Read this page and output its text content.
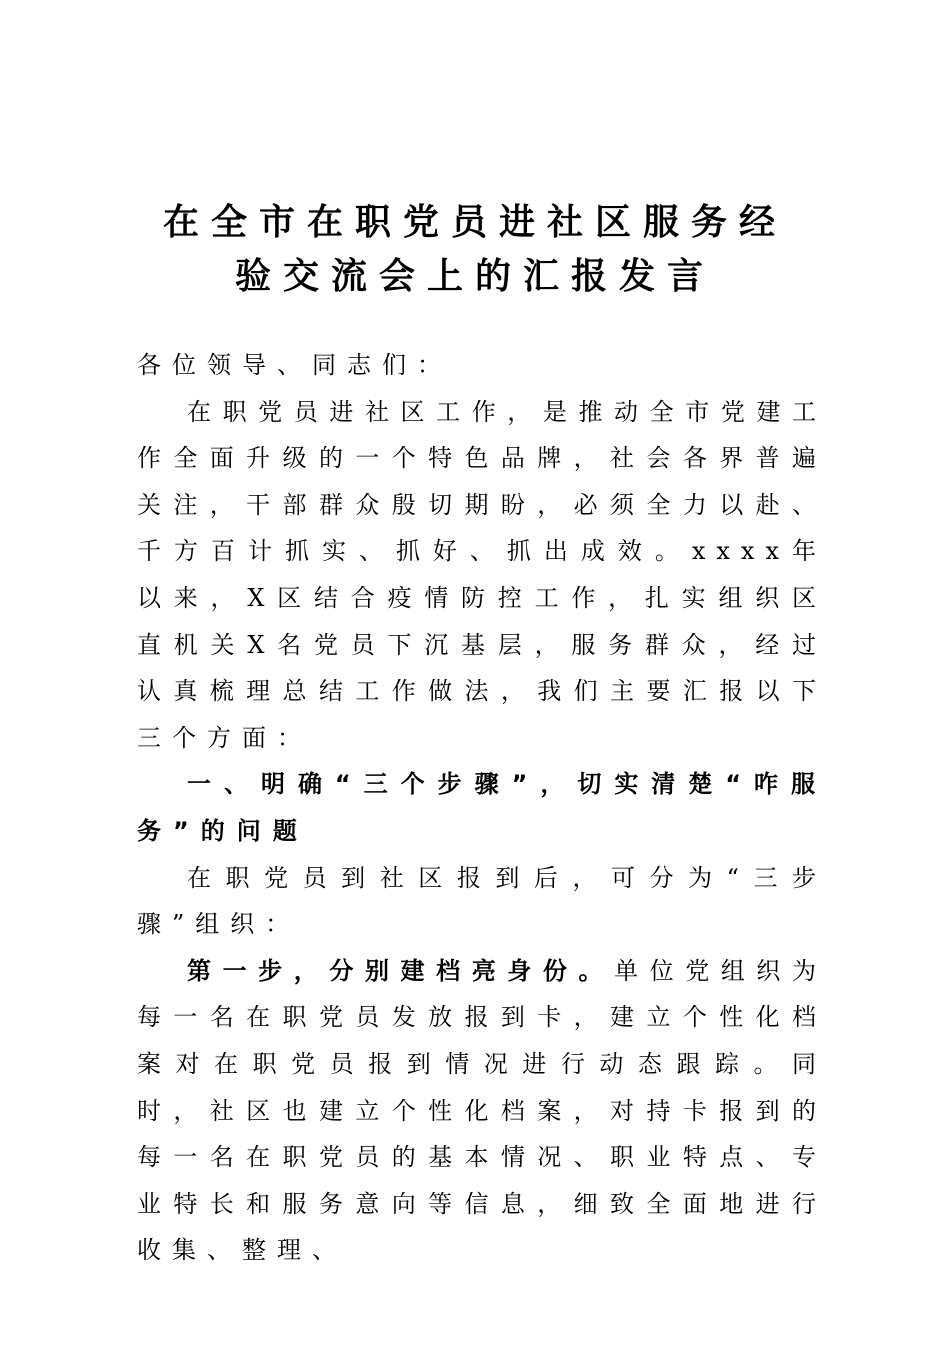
在全市在职党员进社区服务经
验交流会上的汇报发言

各位领导、同志们：

在职党员进社区工作，是推动全市党建工作全面升级的一个特色品牌，社会各界普遍关注，干部群众殷切期盼，必须全力以赴、千方百计抓实、抓好、抓出成效。xxxx年以来，X区结合疫情防控工作，扎实组织区直机关X名党员下沉基层，服务群众，经过认真梳理总结工作做法，我们主要汇报以下三个方面：

一、明确“三个步骤”，切实清楚“咋服务”的问题

在职党员到社区报到后，可分为“三步骤”组织：

第一步，分别建档亮身份。单位党组织为每一名在职党员发放报到卡，建立个性化档案对在职党员报到情况进行动态跟踪。同时，社区也建立个性化档案，对持卡报到的每一名在职党员的基本情况、职业特点、专业特长和服务意向等信息，细致全面地进行收集、整理、
